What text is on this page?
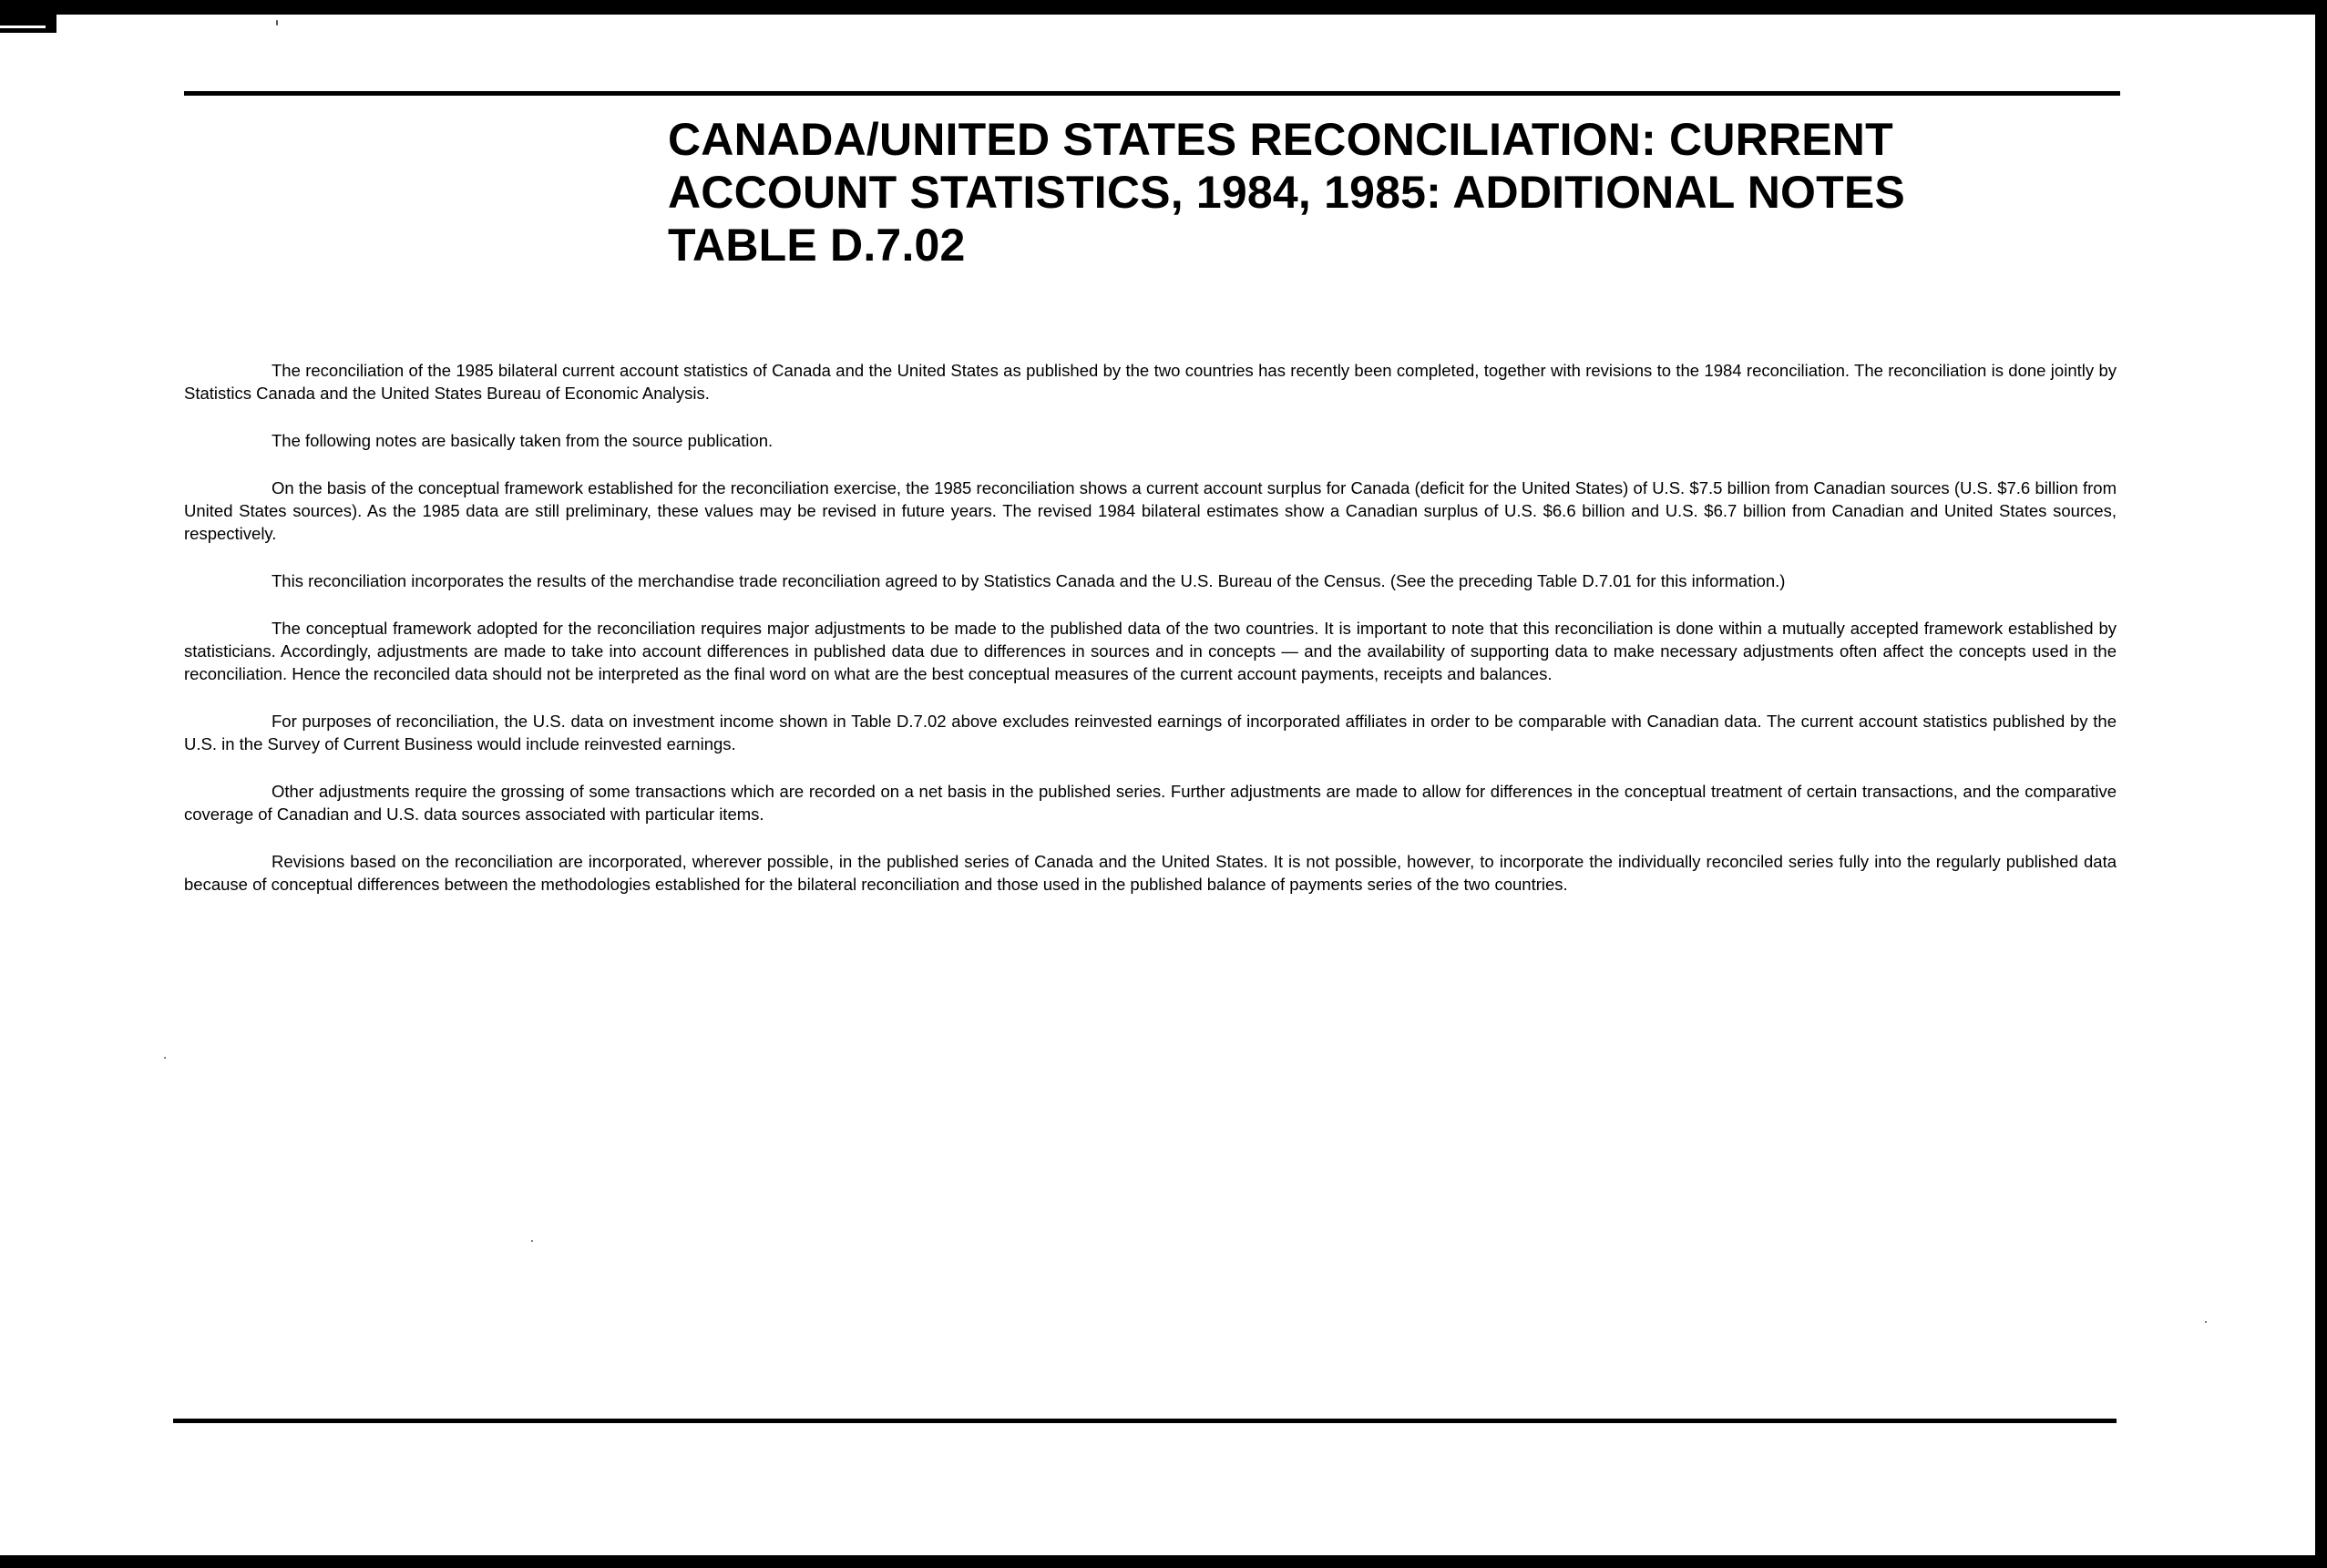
CANADA/UNITED STATES RECONCILIATION: CURRENT
ACCOUNT STATISTICS, 1984, 1985: ADDITIONAL NOTES
TABLE D.7.02

The reconciliation of the 1985 bilateral current account statistics of Canada and the United States as published by the two countries has recently been completed, together with revisions to the 1984 reconciliation. The reconciliation is done jointly by Statistics Canada and the United States Bureau of Economic Analysis.

The following notes are basically taken from the source publication.

On the basis of the conceptual framework established for the reconciliation exercise, the 1985 reconciliation shows a current account surplus for Canada (deficit for the United States) of U.S. $7.5 billion from Canadian sources (U.S. $7.6 billion from United States sources). As the 1985 data are still preliminary, these values may be revised in future years. The revised 1984 bilateral estimates show a Canadian surplus of U.S. $6.6 billion and U.S. $6.7 billion from Canadian and United States sources, respectively.

This reconciliation incorporates the results of the merchandise trade reconciliation agreed to by Statistics Canada and the U.S. Bureau of the Census. (See the preceding Table D.7.01 for this information.)

The conceptual framework adopted for the reconciliation requires major adjustments to be made to the published data of the two countries. It is important to note that this reconciliation is done within a mutually accepted framework established by statisticians. Accordingly, adjustments are made to take into account differences in published data due to differences in sources and in concepts — and the availability of supporting data to make necessary adjustments often affect the concepts used in the reconciliation. Hence the reconciled data should not be interpreted as the final word on what are the best conceptual measures of the current account payments, receipts and balances.

For purposes of reconciliation, the U.S. data on investment income shown in Table D.7.02 above excludes reinvested earnings of incorporated affiliates in order to be comparable with Canadian data. The current account statistics published by the U.S. in the Survey of Current Business would include reinvested earnings.

Other adjustments require the grossing of some transactions which are recorded on a net basis in the published series. Further adjustments are made to allow for differences in the conceptual treatment of certain transactions, and the comparative coverage of Canadian and U.S. data sources associated with particular items.

Revisions based on the reconciliation are incorporated, wherever possible, in the published series of Canada and the United States. It is not possible, however, to incorporate the individually reconciled series fully into the regularly published data because of conceptual differences between the methodologies established for the bilateral reconciliation and those used in the published balance of payments series of the two countries.
